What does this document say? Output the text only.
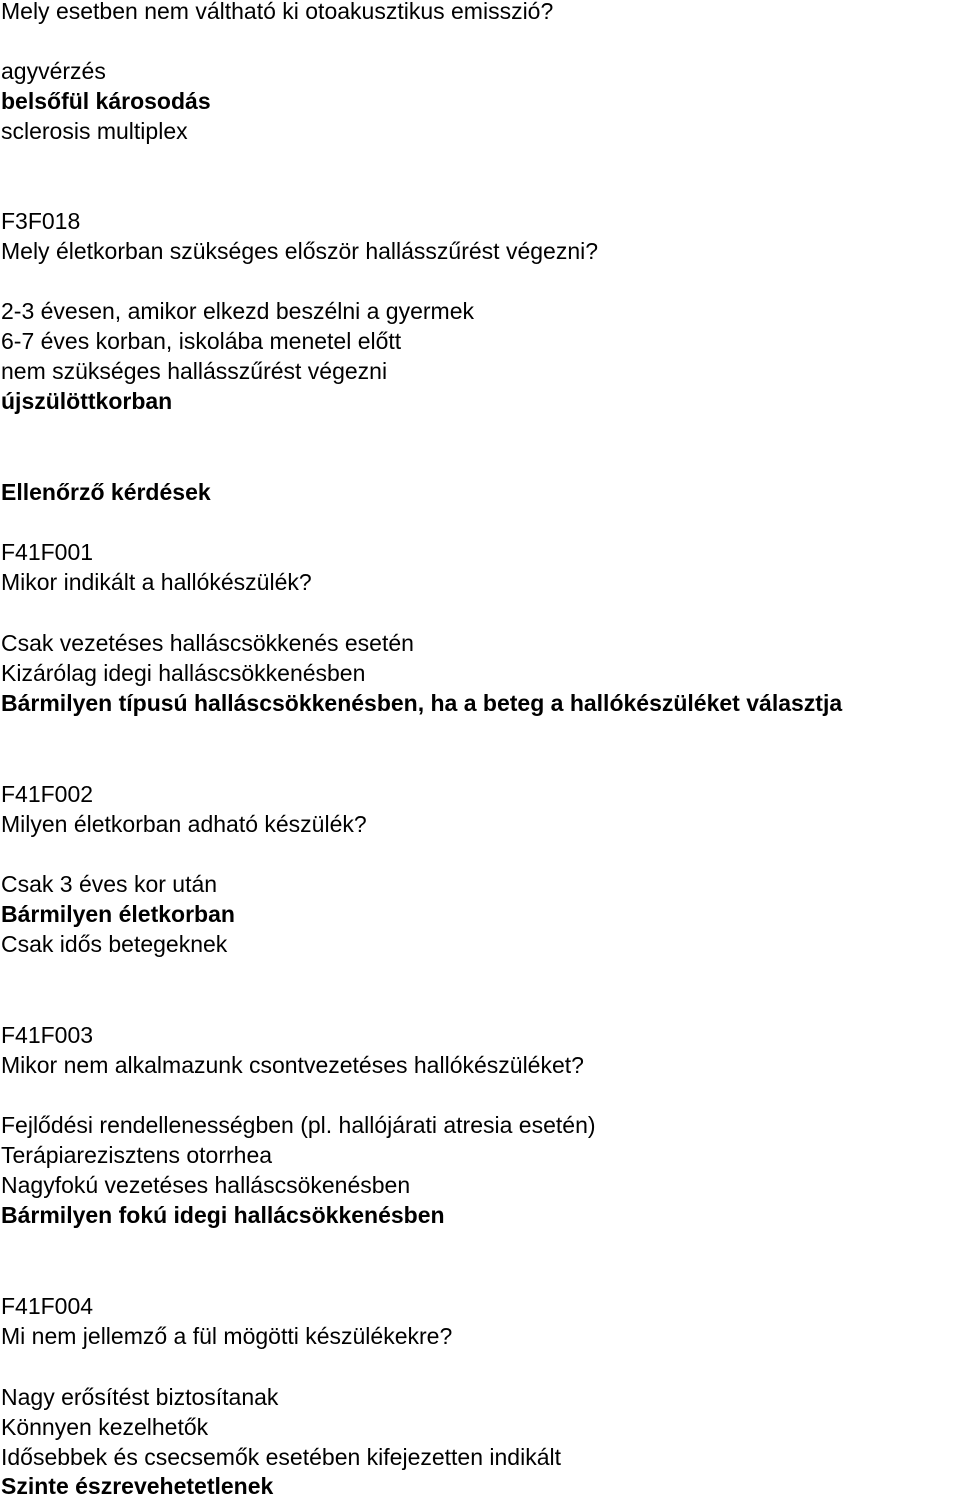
Mely esetben nem váltható ki otoakusztikus emisszió?

agyvérzés

belsőfül károsodás

sclerosis multiplex

F3F018

Mely életkorban szükséges először hallásszűrést végezni?

2-3 évesen, amikor elkezd beszélni a gyermek

6-7 éves korban, iskolába menetel előtt

nem szükséges hallásszűrést végezni

újszülöttkorban

Ellenőrző kérdések

F41F001

Mikor indikált a hallókészülék?

Csak vezetéses halláscsökkenés esetén

Kizárólag idegi halláscsökkenésben

Bármilyen típusú halláscsökkenésben, ha a beteg a hallókészüléket választja

F41F002

Milyen életkorban adható készülék?

Csak 3 éves kor után

Bármilyen életkorban

Csak idős betegeknek

F41F003

Mikor nem alkalmazunk csontvezetéses hallókészüléket?

Fejlődési rendellenességben (pl. hallójárati atresia esetén)

Terápiarezisztens otorrhea

Nagyfokú vezetéses halláscsökenésben

Bármilyen fokú idegi hallácsökkenésben

F41F004

Mi nem jellemző a fül mögötti készülékekre?

Nagy erősítést biztosítanak

Könnyen kezelhetők

Idősebbek és csecsemők esetében kifejezetten indikált

Szinte észrevehetetlenek
